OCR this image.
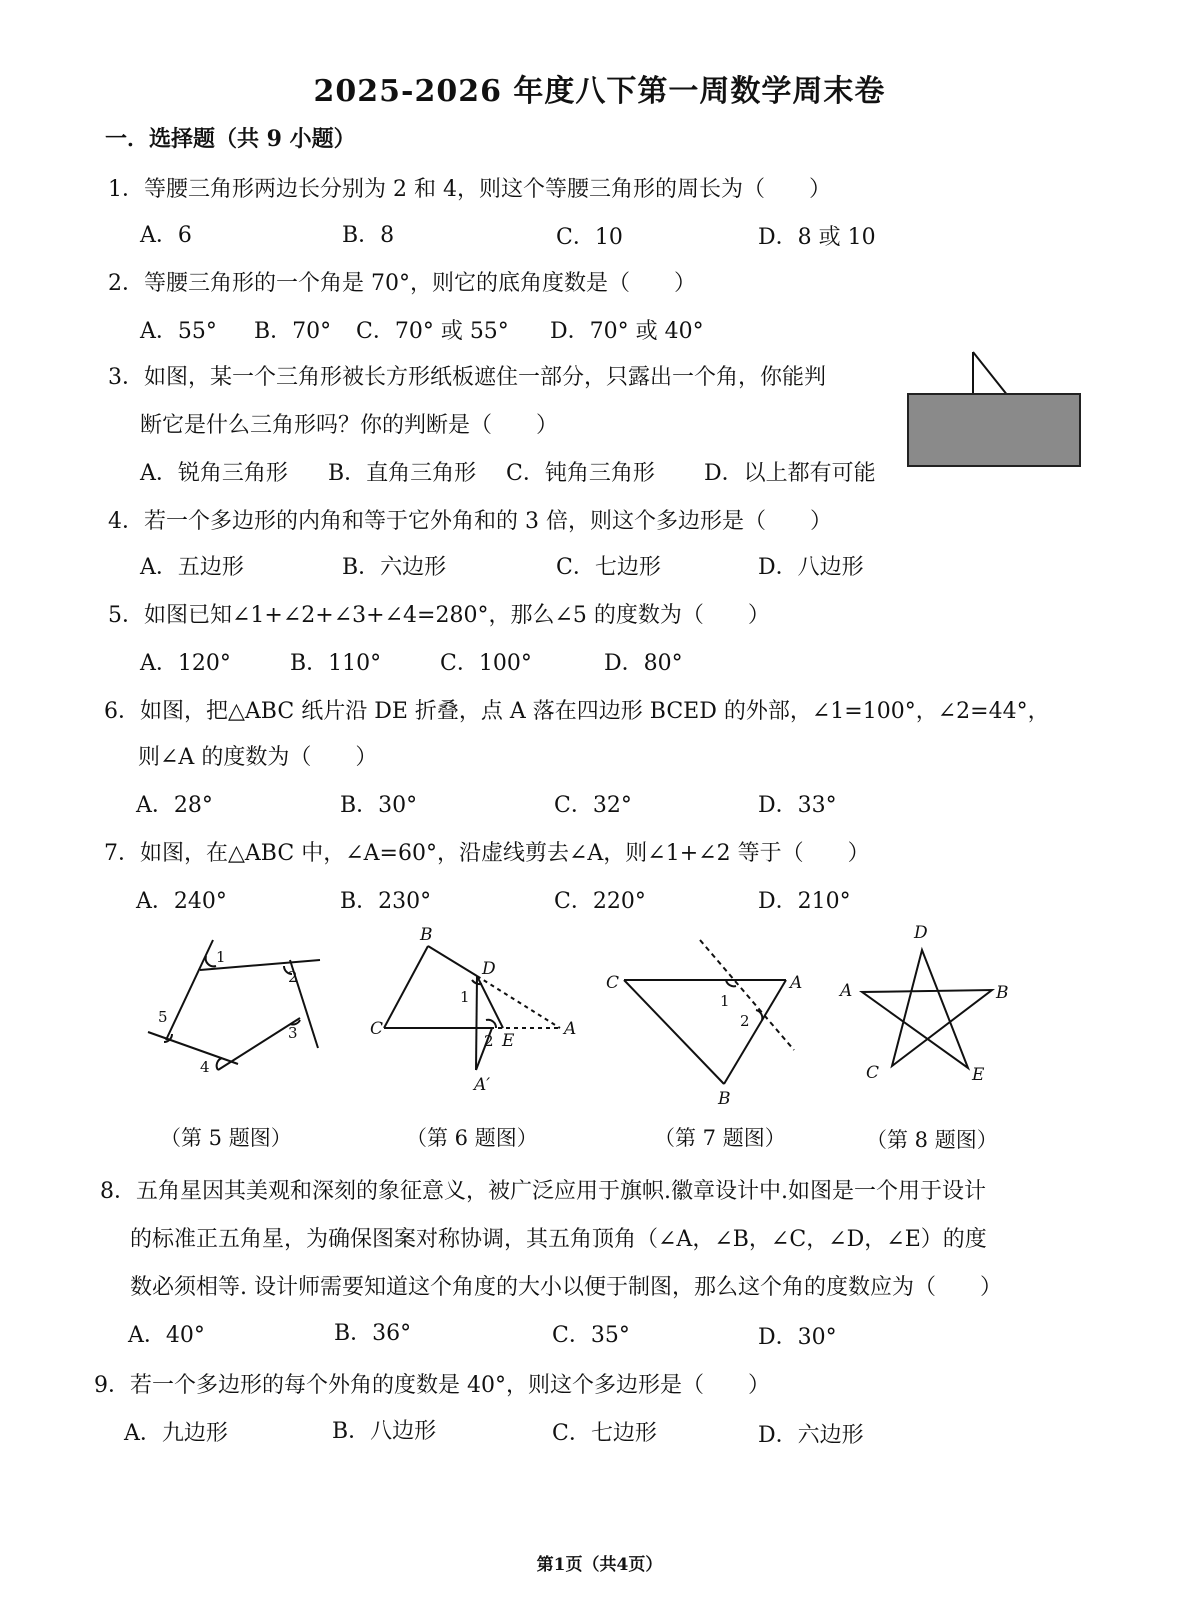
2025-2026 年度八下第一周数学周末卷
一．选择题（共 9 小题）
1．等腰三角形两边长分别为 2 和 4，则这个等腰三角形的周长为（　　）
A．6	B．8	C．10	D．8 或 10
2．等腰三角形的一个角是 70°，则它的底角度数是（　　）
A．55° B．70° C．70° 或 55° D．70° 或 40°
3．如图，某一个三角形被长方形纸板遮住一部分，只露出一个角，你能判
断它是什么三角形吗？你的判断是（　　）
A．锐角三角形 B．直角三角形 C．钝角三角形 D．以上都有可能
4．若一个多边形的内角和等于它外角和的 3 倍，则这个多边形是（　　）
A．五边形	B．六边形	C．七边形	D．八边形
5．如图已知∠1+∠2+∠3+∠4=280°，那么∠5 的度数为（　　）
A．120°	B．110°	C．100°	D．80°
6．如图，把△ABC 纸片沿 DE 折叠，点 A 落在四边形 BCED 的外部，∠1=100°，∠2=44°，
则∠A 的度数为（　　）
A．28°	B．30°	C．32°	D．33°
7．如图，在△ABC 中，∠A=60°，沿虚线剪去∠A，则∠1+∠2 等于（　　）
A．240°	B．230°	C．220°	D．210°
1
2
3
4
5
B
D
1
C
2 E
A
A′
C	A
1
2
B
D
A	B
C	E
（第 5 题图）	（第 6 题图）	（第 7 题图）	（第 8 题图）
8．五角星因其美观和深刻的象征意义，被广泛应用于旗帜.徽章设计中.如图是一个用于设计
的标准正五角星，为确保图案对称协调，其五角顶角（∠A，∠B，∠C，∠D，∠E）的度
数必须相等. 设计师需要知道这个角度的大小以便于制图，那么这个角的度数应为（　　）
A．40°	B．36°	C．35°	D．30°
9．若一个多边形的每个外角的度数是 40°，则这个多边形是（　　）
A．九边形	B．八边形	C．七边形	D．六边形
第1页（共4页）
